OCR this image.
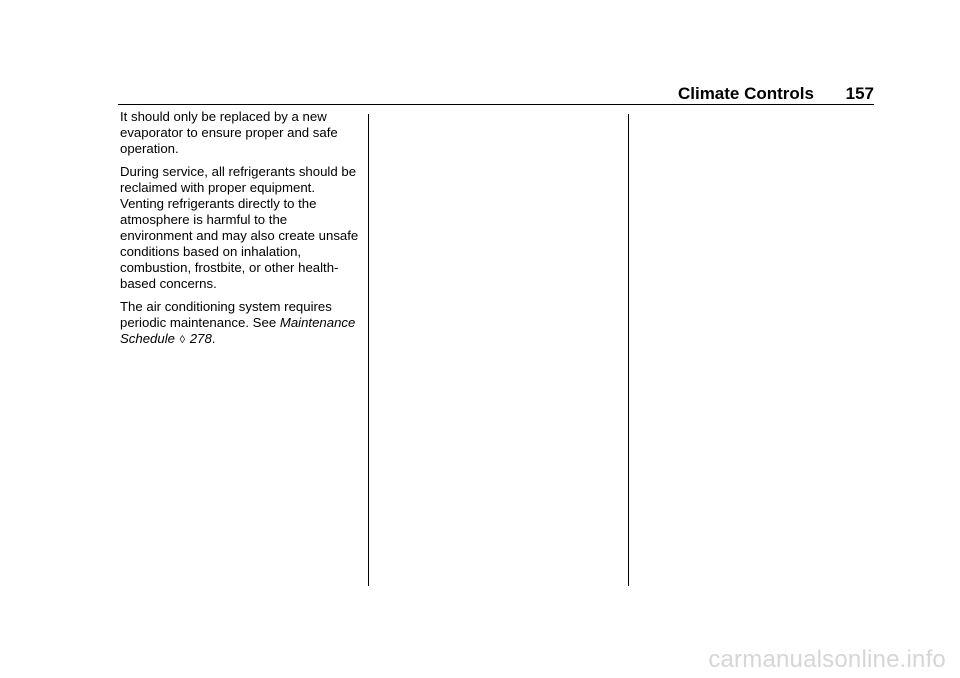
Climate Controls 157

It should only be replaced by a new evaporator to ensure proper and safe operation.

During service, all refrigerants should be reclaimed with proper equipment. Venting refrigerants directly to the atmosphere is harmful to the environment and may also create unsafe conditions based on inhalation, combustion, frostbite, or other health-based concerns.

The air conditioning system requires periodic maintenance. See Maintenance Schedule ◊ 278.

carmanualsonline.info
